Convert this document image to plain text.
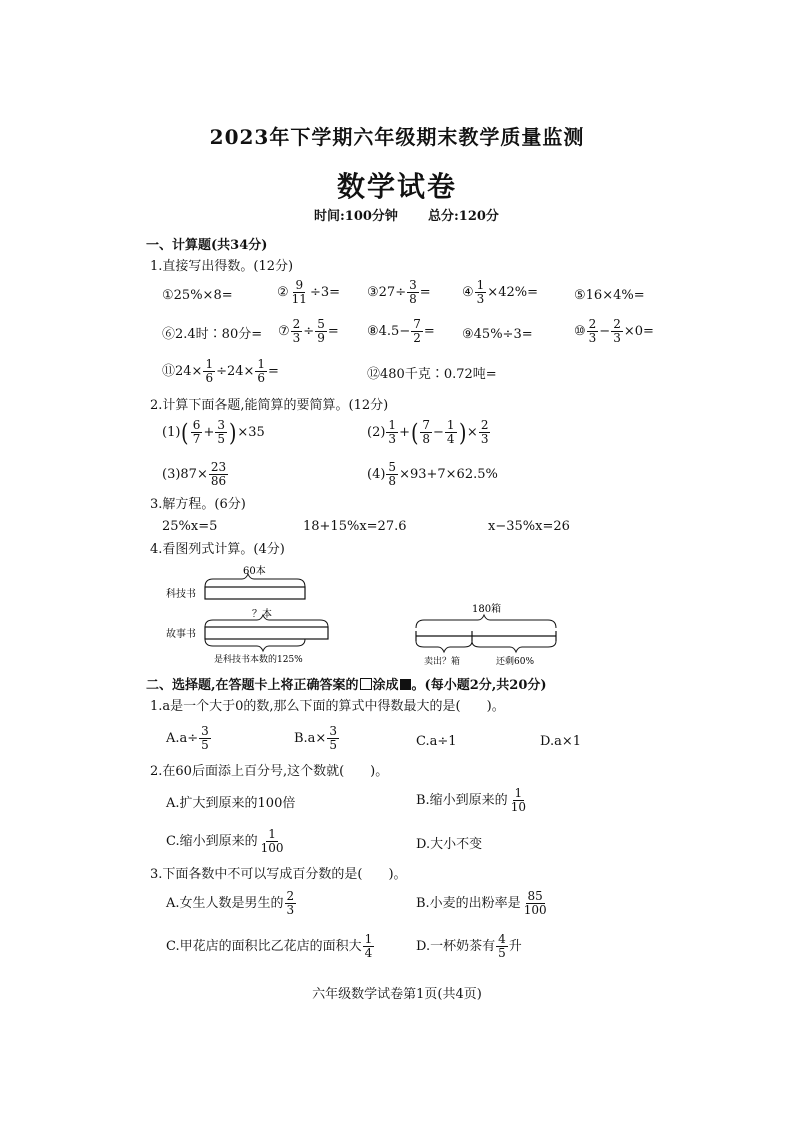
2023年下学期六年级期末教学质量监测
数学试卷
时间:100分钟 总分:120分
一、计算题(共34分)
1.直接写出得数。(12分)
①25%×8=	② $\frac{9}{11} \div 3=$ ③27÷ $\frac{3}{8}$ = ④ $\frac{1}{3} \times 42\%=$	⑤16×4%=
⑥2.4时∶80分= ⑦ $\frac{2}{3} \div \frac{5}{9}$ = ⑧4.5− $\frac{7}{2}$ = ⑨45%÷3=	⑩ $\frac{2}{3} - \frac{2}{3} \times 0=$
⑪24× $\frac{1}{6} \div 24\times \frac{1}{6}$ =	⑫480千克∶0.72吨=
2.计算下面各题,能简算的要简算。(12分)
$(1)( \frac{6}{7} + \frac{3}{5} )\times 35$	$(2) \frac{1}{3}$ +( $\frac{7}{8} - \frac{1}{4}$ )× $\frac{2}{3}$
$(3)87\times \frac{23}{86}$	$(4) \frac{5}{8} \times 93+7\times 62.5\%$
3.解方程。(6分)
25%x=5	18+15%x=27.6	x−35%x=26
4.看图列式计算。(4分)
60本
科技书
？本
故事书
是科技书本数的125%
180箱
卖出？箱	还剩60%
二、选择题,在答题卡上将正确答案的 涂成 。(每小题2分,共20分)
1.a是一个大于0的数,那么下面的算式中得数最大的是(　　)。
$A.a\div \frac{3}{5}$	$B.a\times \frac{3}{5}$	C.a÷1	D.a×1
2.在60后面添上百分号,这个数就(　　)。
A.扩大到原来的100倍	B.缩小到原来的 $\frac{1}{10}$
C.缩小到原来的 $\frac{1}{100}$	D.大小不变
3.下面各数中不可以写成百分数的是(　　)。
A.女生人数是男生的 $\frac{2}{3}$	B.小麦的出粉率是 $\frac{85}{100}$
C.甲花店的面积比乙花店的面积大 $\frac{1}{4}$	D.一杯奶茶有 $\frac{4}{5}$ 升
六年级数学试卷第1页(共4页)
